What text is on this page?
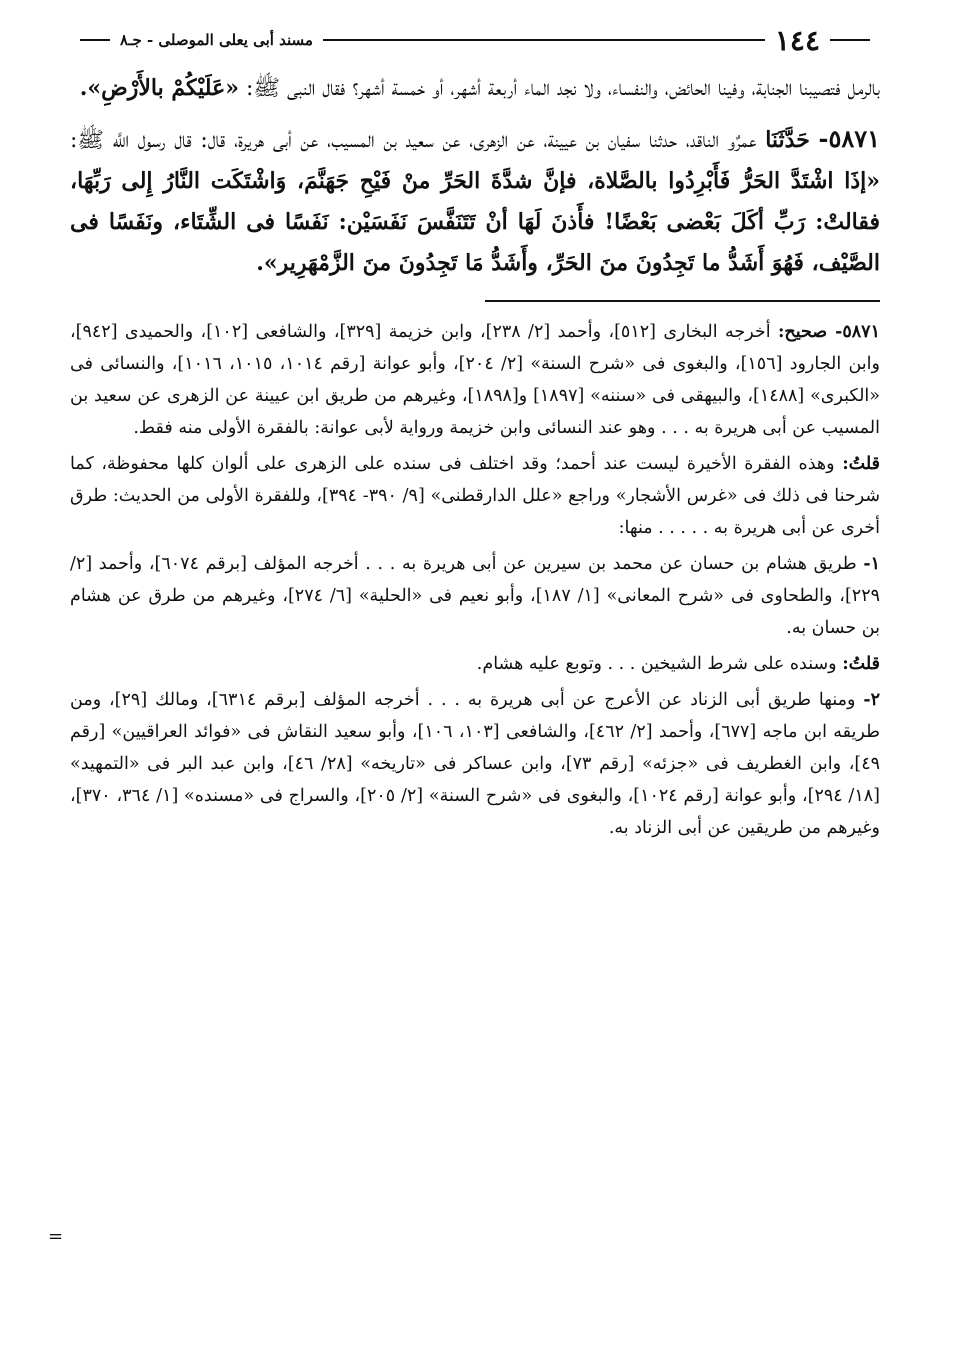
١٤٤
مسند أبى يعلى الموصلى - جـ٨

بالرمل فتصيبنا الجنابة، وفينا الحائض، والنفساء، ولا نجد الماء أربعة أشهر، أو خمسة أشهر؟ فقال النبى ﷺ: «عَلَيْكُمْ بالأَرْضِ».

٥٨٧١- حَدَّثَنَا عمرٌو الناقد، حدثنا سفيان بن عيينة، عن الزهرى، عن سعيد بن المسيب، عن أبى هريرة، قال: قال رسول اللَّه ﷺ: «إذَا اشْتَدَّ الحَرُّ فَأَبْرِدُوا بالصَّلاة، فإنَّ شدَّةَ الحَرِّ منْ فَيْحِ جَهَنَّمَ، وَاشْتَكَت النَّارُ إِلى رَبِّهَا، فقالتْ: رَبِّ أكَلَ بَعْضى بَعْضًا! فأَذنَ لَهَا أنْ تَتَنَفَّسَ نَفَسَيْن: نَفَسًا فى الشِّتَاء، ونَفَسًا فى الصَّيْف، فَهُوَ أَشَدُّ ما تَجِدُونَ منَ الحَرِّ، وأَشَدُّ مَا تَجِدُونَ منَ الزَّمْهَرِير».

٥٨٧١- صحيح: أخرجه البخارى [٥١٢]، وأحمد [٢/ ٢٣٨]، وابن خزيمة [٣٢٩]، والشافعى [١٠٢]، والحميدى [٩٤٢]، وابن الجارود [١٥٦]، والبغوى فى «شرح السنة» [٢/ ٢٠٤]، وأبو عوانة [رقم ١٠١٤، ١٠١٥، ١٠١٦]، والنسائى فى «الكبرى» [١٤٨٨]، والبيهقى فى «سننه» [١٨٩٧] و[١٨٩٨]، وغيرهم من طريق ابن عيينة عن الزهرى عن سعيد بن المسيب عن أبى هريرة به . . . وهو عند النسائى وابن خزيمة ورواية لأبى عوانة: بالفقرة الأولى منه فقط.

قلتُ: وهذه الفقرة الأخيرة ليست عند أحمد؛ وقد اختلف فى سنده على الزهرى على ألوان كلها محفوظة، كما شرحنا فى ذلك فى «غرس الأشجار» وراجع «علل الدارقطنى» [٩/ ٣٩٠- ٣٩٤]، وللفقرة الأولى من الحديث: طرق أخرى عن أبى هريرة به . . . . . منها:

١- طريق هشام بن حسان عن محمد بن سيرين عن أبى هريرة به . . . أخرجه المؤلف [برقم ٦٠٧٤]، وأحمد [٢/ ٢٢٩]، والطحاوى فى «شرح المعانى» [١/ ١٨٧]، وأبو نعيم فى «الحلية» [٦/ ٢٧٤]، وغيرهم من طرق عن هشام بن حسان به.

قلتُ: وسنده على شرط الشيخين . . . وتوبع عليه هشام.

٢- ومنها طريق أبى الزناد عن الأعرج عن أبى هريرة به . . . أخرجه المؤلف [برقم ٦٣١٤]، ومالك [٢٩]، ومن طريقه ابن ماجه [٦٧٧]، وأحمد [٢/ ٤٦٢]، والشافعى [١٠٣، ١٠٦]، وأبو سعيد النقاش فى «فوائد العراقيين» [رقم ٤٩]، وابن الغطريف فى «جزئه» [رقم ٧٣]، وابن عساكر فى «تاريخه» [٢٨/ ٤٦]، وابن عبد البر فى «التمهيد» [١٨/ ٢٩٤]، وأبو عوانة [رقم ١٠٢٤]، والبغوى فى «شرح السنة» [٢/ ٢٠٥]، والسراج فى «مسنده» [١/ ٣٦٤، ٣٧٠]، وغيرهم من طريقين عن أبى الزناد به.

=
